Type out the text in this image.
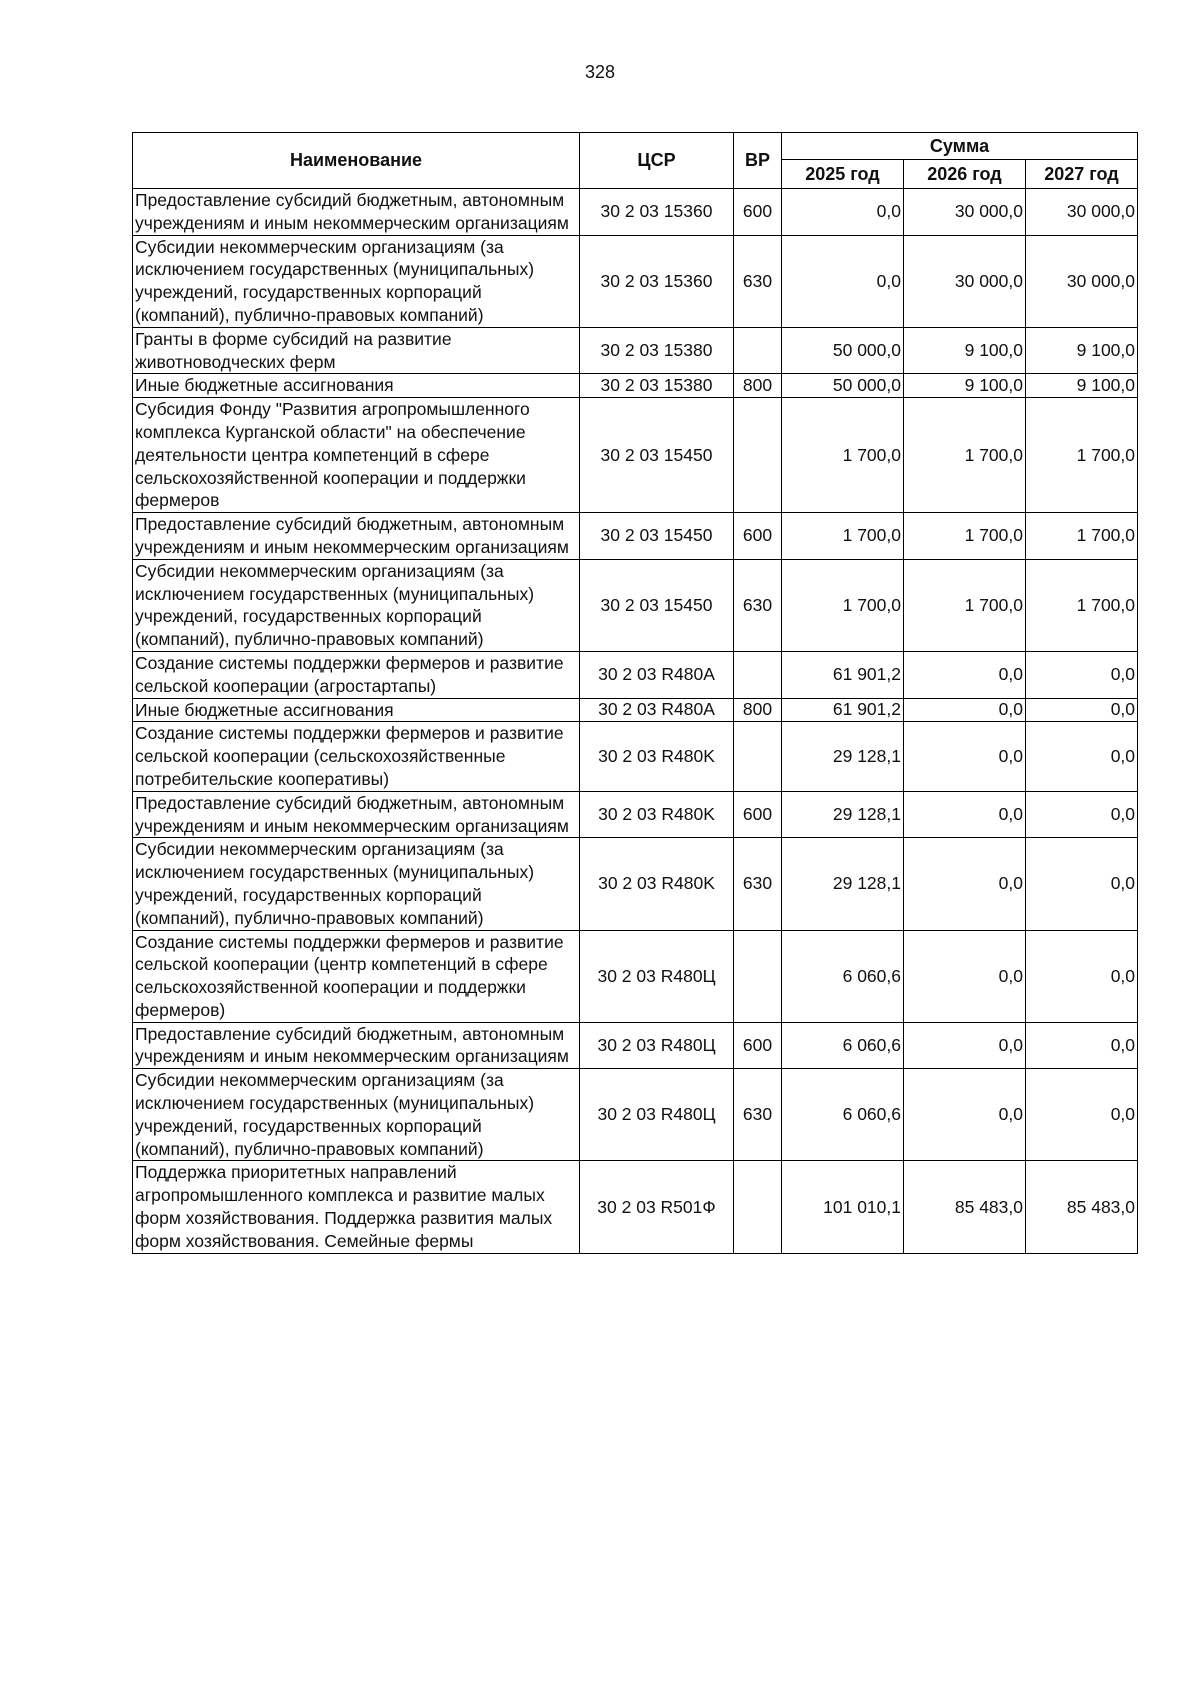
328
Наименование	ЦСР	ВР	Сумма		
			2025 год	2026 год	2027 год
Предоставление субсидий бюджетным, автономным учреждениям и иным некоммерческим организациям	30 2 03 15360	600	0,0	30 000,0	30 000,0
Субсидии некоммерческим организациям (за исключением государственных (муниципальных) учреждений, государственных корпораций (компаний), публично-правовых компаний)	30 2 03 15360	630	0,0	30 000,0	30 000,0
Гранты в форме субсидий на развитие животноводческих ферм	30 2 03 15380		50 000,0	9 100,0	9 100,0
Иные бюджетные ассигнования	30 2 03 15380	800	50 000,0	9 100,0	9 100,0
Субсидия Фонду "Развития агропромышленного комплекса Курганской области" на обеспечение деятельности центра компетенций в сфере сельскохозяйственной кооперации и поддержки фермеров	30 2 03 15450		1 700,0	1 700,0	1 700,0
Предоставление субсидий бюджетным, автономным учреждениям и иным некоммерческим организациям	30 2 03 15450	600	1 700,0	1 700,0	1 700,0
Субсидии некоммерческим организациям (за исключением государственных (муниципальных) учреждений, государственных корпораций (компаний), публично-правовых компаний)	30 2 03 15450	630	1 700,0	1 700,0	1 700,0
Создание системы поддержки фермеров и развитие сельской кооперации (агростартапы)	30 2 03 R480A		61 901,2	0,0	0,0
Иные бюджетные ассигнования	30 2 03 R480A	800	61 901,2	0,0	0,0
Создание системы поддержки фермеров и развитие сельской кооперации (сельскохозяйственные потребительские кооперативы)	30 2 03 R480K		29 128,1	0,0	0,0
Предоставление субсидий бюджетным, автономным учреждениям и иным некоммерческим организациям	30 2 03 R480K	600	29 128,1	0,0	0,0
Субсидии некоммерческим организациям (за исключением государственных (муниципальных) учреждений, государственных корпораций (компаний), публично-правовых компаний)	30 2 03 R480K	630	29 128,1	0,0	0,0
Создание системы поддержки фермеров и развитие сельской кооперации (центр компетенций в сфере сельскохозяйственной кооперации и поддержки фермеров)	30 2 03 R480Ц		6 060,6	0,0	0,0
Предоставление субсидий бюджетным, автономным учреждениям и иным некоммерческим организациям	30 2 03 R480Ц	600	6 060,6	0,0	0,0
Субсидии некоммерческим организациям (за исключением государственных (муниципальных) учреждений, государственных корпораций (компаний), публично-правовых компаний)	30 2 03 R480Ц	630	6 060,6	0,0	0,0
Поддержка приоритетных направлений агропромышленного комплекса и развитие малых форм хозяйствования. Поддержка развития малых форм хозяйствования. Семейные фермы	30 2 03 R501Ф		101 010,1	85 483,0	85 483,0
